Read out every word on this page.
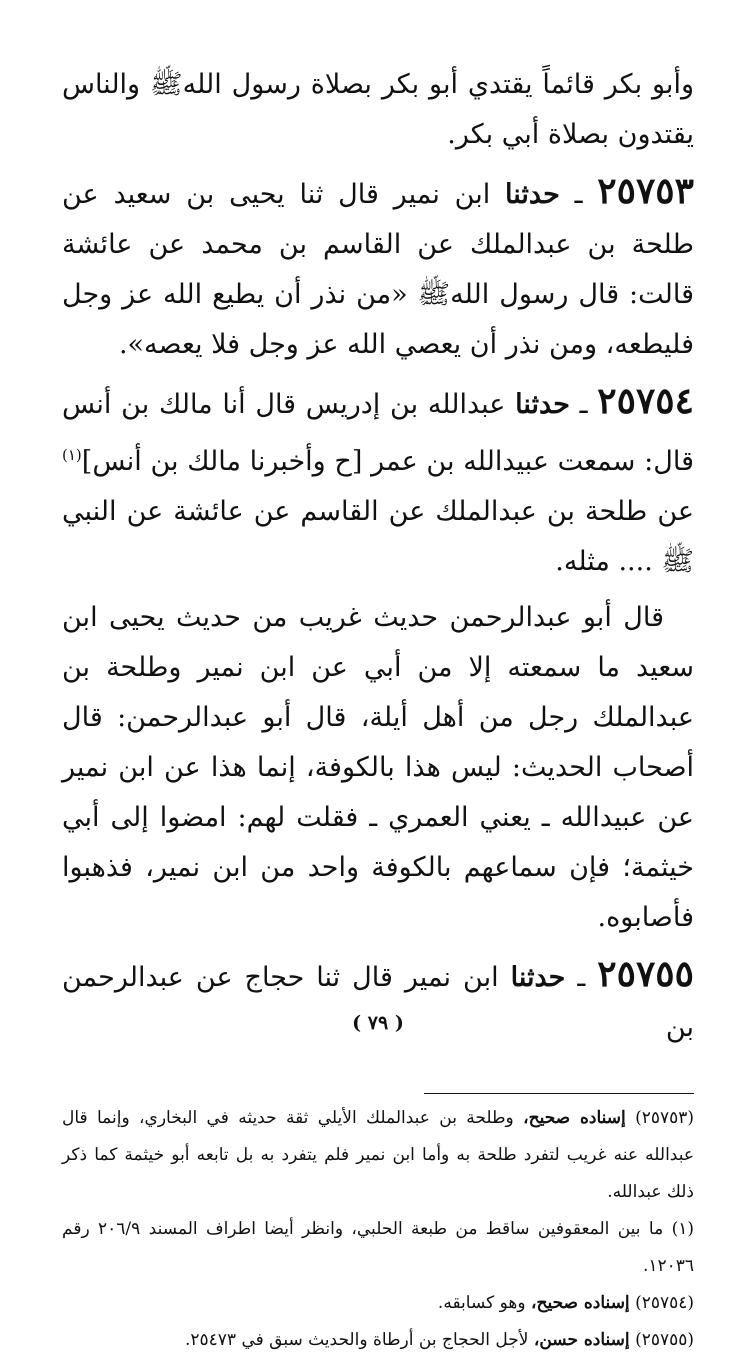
وأبو بكر قائماً يقتدي أبو بكر بصلاة رسول اللهﷺ والناس يقتدون بصلاة أبي بكر.

٢٥٧٥٣ ـ حدثنا ابن نمير قال ثنا يحيى بن سعيد عن طلحة بن عبدالملك عن القاسم بن محمد عن عائشة قالت: قال رسول اللهﷺ «من نذر أن يطيع الله عز وجل فليطعه، ومن نذر أن يعصي الله عز وجل فلا يعصه».

٢٥٧٥٤ ـ حدثنا عبدالله بن إدريس قال أنا مالك بن أنس قال: سمعت عبيدالله بن عمر [ح وأخبرنا مالك بن أنس]$^{(١)}$ عن طلحة بن عبدالملك عن القاسم عن عائشة عن النبي ﷺ .... مثله.

قال أبو عبدالرحمن حديث غريب من حديث يحيى ابن سعيد ما سمعته إلا من أبي عن ابن نمير وطلحة بن عبدالملك رجل من أهل أيلة، قال أبو عبدالرحمن: قال أصحاب الحديث: ليس هذا بالكوفة، إنما هذا عن ابن نمير عن عبيدالله ـ يعني العمري ـ فقلت لهم: امضوا إلى أبي خيثمة؛ فإن سماعهم بالكوفة واحد من ابن نمير، فذهبوا فأصابوه.

٢٥٧٥٥ ـ حدثنا ابن نمير قال ثنا حجاج عن عبدالرحمن بن

(٢٥٧٥٣) إسناده صحيح، وطلحة بن عبدالملك الأيلي ثقة حديثه في البخاري، وإنما قال عبدالله عنه غريب لتفرد طلحة به وأما ابن نمير فلم يتفرد به بل تابعه أبو خيثمة كما ذكر ذلك عبدالله.

(١) ما بين المعقوفين ساقط من طبعة الحلبي، وانظر أيضا اطراف المسند ٢٠٦/٩ رقم ١٢٠٣٦.

(٢٥٧٥٤) إسناده صحيح، وهو كسابقه.

(٢٥٧٥٥) إسناده حسن، لأجل الحجاج بن أرطاة والحديث سبق في ٢٥٤٧٣.

( ٧٩ )
